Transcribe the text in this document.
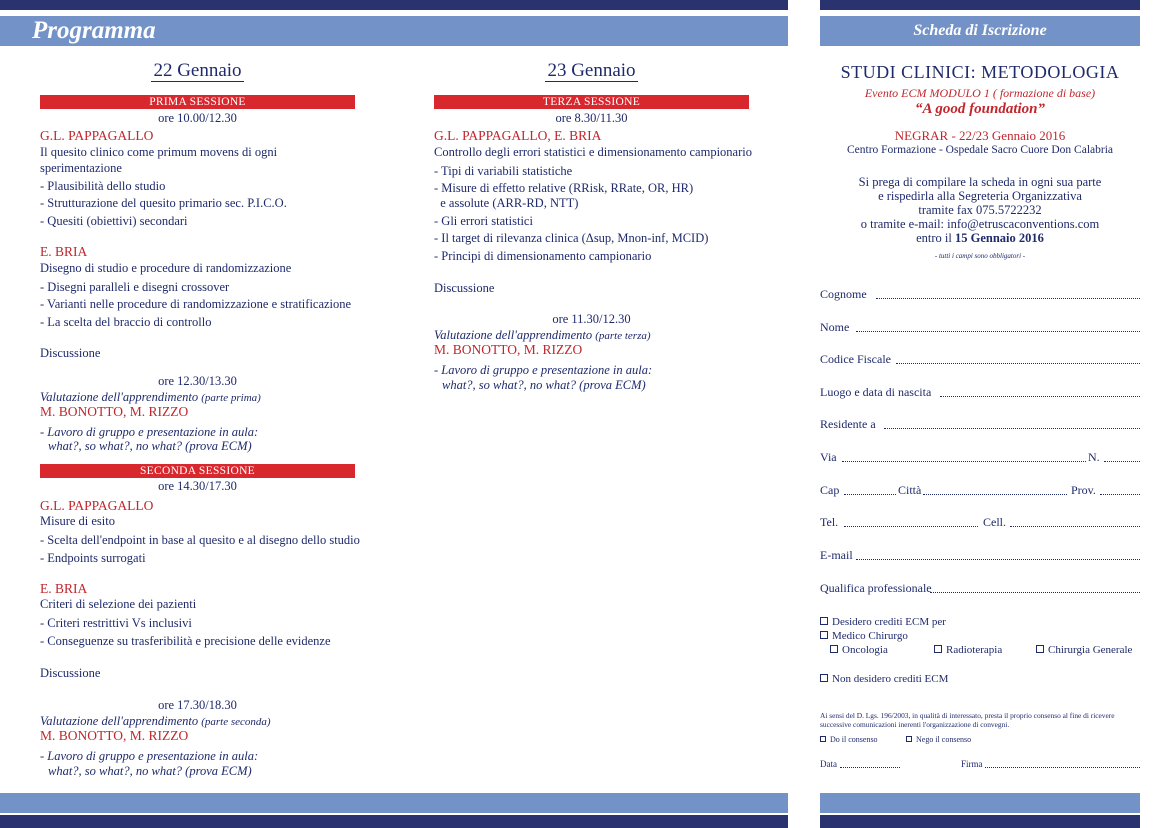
Programma	Scheda di Iscrizione
22 Gennaio
PRIMA SESSIONE
ore 10.00/12.30
G.L. PAPPAGALLO
Il quesito clinico come primum movens di ogni
sperimentazione
- Plausibilità dello studio
- Strutturazione del quesito primario sec. P.I.C.O.
- Quesiti (obiettivi) secondari
E. BRIA
Disegno di studio e procedure di randomizzazione
- Disegni paralleli e disegni crossover
- Varianti nelle procedure di randomizzazione e stratificazione
- La scelta del braccio di controllo
Discussione
ore 12.30/13.30
Valutazione dell'apprendimento (parte prima)
M. BONOTTO, M. RIZZO
- Lavoro di gruppo e presentazione in aula:
what?, so what?, no what? (prova ECM)
SECONDA SESSIONE
ore 14.30/17.30
G.L. PAPPAGALLO
Misure di esito
- Scelta dell'endpoint in base al quesito e al disegno dello studio
- Endpoints surrogati
E. BRIA
Criteri di selezione dei pazienti
- Criteri restrittivi Vs inclusivi
- Conseguenze su trasferibilità e precisione delle evidenze
Discussione
ore 17.30/18.30
Valutazione dell'apprendimento (parte seconda)
M. BONOTTO, M. RIZZO
- Lavoro di gruppo e presentazione in aula:
what?, so what?, no what? (prova ECM)
23 Gennaio
TERZA SESSIONE
ore 8.30/11.30
G.L. PAPPAGALLO, E. BRIA
Controllo degli errori statistici e dimensionamento campionario
- Tipi di variabili statistiche
- Misure di effetto relative (RRisk, RRate, OR, HR)
e assolute (ARR-RD, NTT)
- Gli errori statistici
- Il target di rilevanza clinica (Δsup, Mnon-inf, MCID)
- Principi di dimensionamento campionario
Discussione
ore 11.30/12.30
Valutazione dell'apprendimento (parte terza)
M. BONOTTO, M. RIZZO
- Lavoro di gruppo e presentazione in aula:
what?, so what?, no what? (prova ECM)
STUDI CLINICI: METODOLOGIA
Evento ECM MODULO 1 ( formazione di base)
“A good foundation”
NEGRAR - 22/23 Gennaio 2016
Centro Formazione - Ospedale Sacro Cuore Don Calabria
Si prega di compilare la scheda in ogni sua parte
e rispedirla alla Segreteria Organizzativa
tramite fax 075.5722232
o tramite e-mail: info@etruscaconventions.com
entro il 15 Gennaio 2016
- tutti i campi sono obbligatori -
Cognome
Nome
Codice Fiscale
Luogo e data di nascita
Residente a
Via	N.
Cap	Città	Prov.
Tel.	Cell.
E-mail
Qualifica professionale
Desidero crediti ECM per
Medico Chirurgo
Oncologia	Radioterapia	Chirurgia Generale
Non desidero crediti ECM
Ai sensi del D. Lgs. 196/2003, in qualità di interessato, presta il proprio consenso al fine di ricevere
successive comunicazioni inerenti l'organizzazione di convegni.
Do il consenso	Nego il consenso
Data	Firma
